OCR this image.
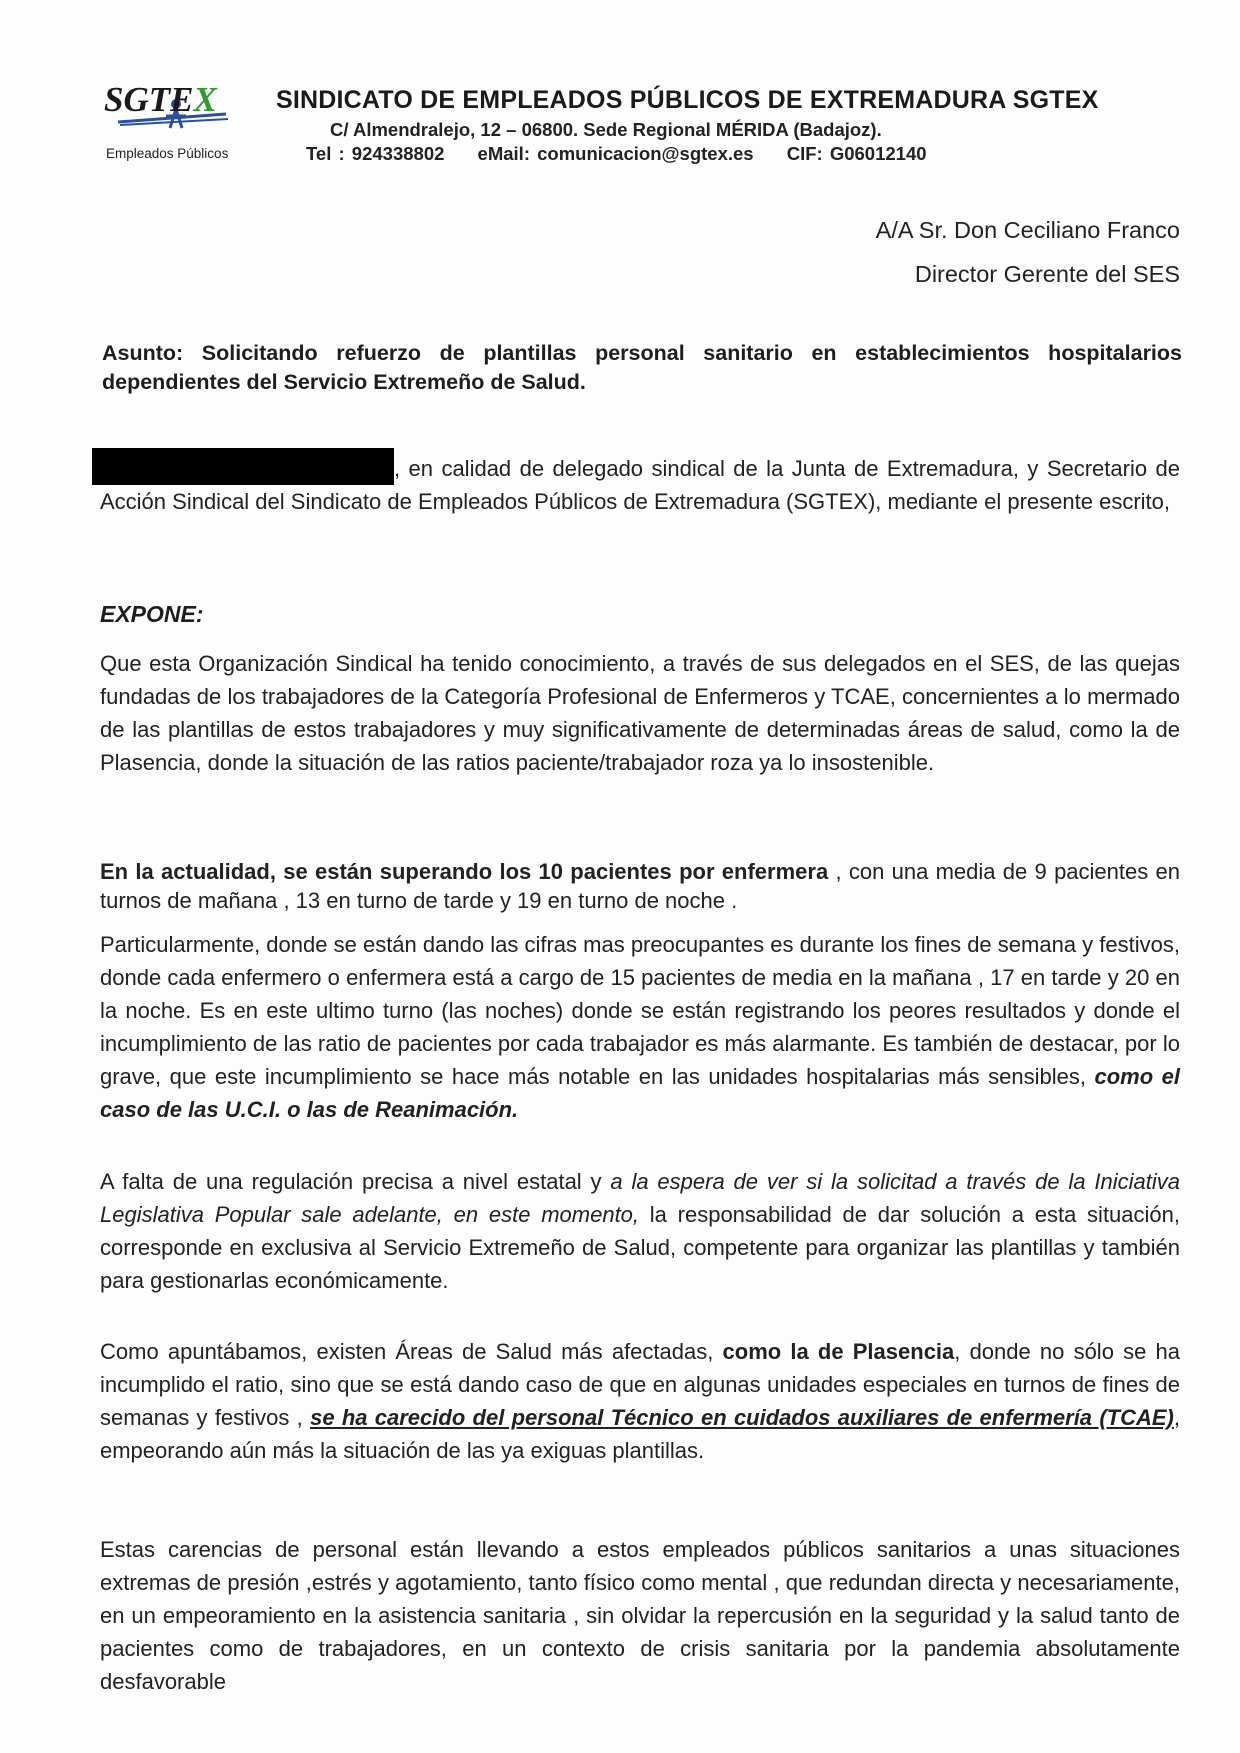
SGTEX
Empleados Públicos
SINDICATO DE EMPLEADOS PÚBLICOS DE EXTREMADURA SGTEX
C/ Almendralejo, 12 – 06800. Sede Regional MÉRIDA (Badajoz).
Tel : 924338802 eMail: comunicacion@sgtex.es CIF: G06012140
A/A Sr. Don Ceciliano Franco
Director Gerente del SES
Asunto: Solicitando refuerzo de plantillas personal sanitario en establecimientos hospitalarios dependientes del Servicio Extremeño de Salud.
, en calidad de delegado sindical de la Junta de Extremadura, y Secretario de Acción Sindical del Sindicato de Empleados Públicos de Extremadura (SGTEX), mediante el presente escrito,
EXPONE:
Que esta Organización Sindical ha tenido conocimiento, a través de sus delegados en el SES, de las quejas fundadas de los trabajadores de la Categoría Profesional de Enfermeros y TCAE, concernientes a lo mermado de las plantillas de estos trabajadores y muy significativamente de determinadas áreas de salud, como la de Plasencia, donde la situación de las ratios paciente/trabajador roza ya lo insostenible.
En la actualidad, se están superando los 10 pacientes por enfermera , con una media de 9 pacientes en turnos de mañana , 13 en turno de tarde y 19 en turno de noche .
Particularmente, donde se están dando las cifras mas preocupantes es durante los fines de semana y festivos, donde cada enfermero o enfermera está a cargo de 15 pacientes de media en la mañana , 17 en tarde y 20 en la noche. Es en este ultimo turno (las noches) donde se están registrando los peores resultados y donde el incumplimiento de las ratio de pacientes por cada trabajador es más alarmante. Es también de destacar, por lo grave, que este incumplimiento se hace más notable en las unidades hospitalarias más sensibles, como el caso de las U.C.I. o las de Reanimación.
A falta de una regulación precisa a nivel estatal y a la espera de ver si la solicitad a través de la Iniciativa Legislativa Popular sale adelante, en este momento, la responsabilidad de dar solución a esta situación, corresponde en exclusiva al Servicio Extremeño de Salud, competente para organizar las plantillas y también para gestionarlas económicamente.
Como apuntábamos, existen Áreas de Salud más afectadas, como la de Plasencia, donde no sólo se ha incumplido el ratio, sino que se está dando caso de que en algunas unidades especiales en turnos de fines de semanas y festivos , se ha carecido del personal Técnico en cuidados auxiliares de enfermería (TCAE), empeorando aún más la situación de las ya exiguas plantillas.
Estas carencias de personal están llevando a estos empleados públicos sanitarios a unas situaciones extremas de presión ,estrés y agotamiento, tanto físico como mental , que redundan directa y necesariamente, en un empeoramiento en la asistencia sanitaria , sin olvidar la repercusión en la seguridad y la salud tanto de pacientes como de trabajadores, en un contexto de crisis sanitaria por la pandemia absolutamente desfavorable
